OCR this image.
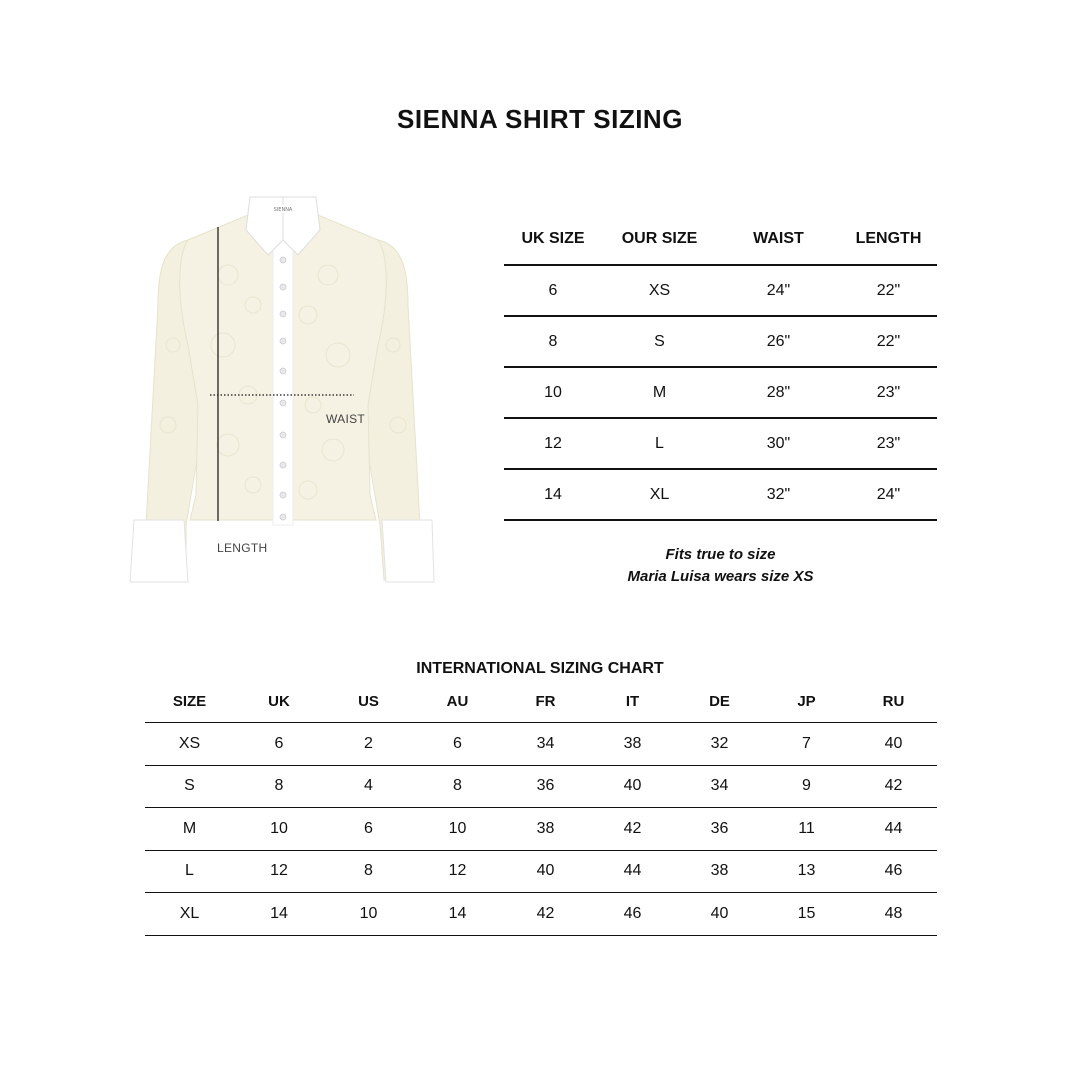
SIENNA SHIRT SIZING
SIENNA
WAIST
LENGTH
UK SIZE	OUR SIZE	WAIST	LENGTH
6	XS	24"	22"
8	S	26"	22"
10	M	28"	23"
12	L	30"	23"
14	XL	32"	24"
Fits true to size
Maria Luisa wears size XS
INTERNATIONAL SIZING CHART
SIZE	UK	US	AU	FR	IT	DE	JP	RU
XS	6	2	6	34	38	32	7	40
S	8	4	8	36	40	34	9	42
M	10	6	10	38	42	36	11	44
L	12	8	12	40	44	38	13	46
XL	14	10	14	42	46	40	15	48
